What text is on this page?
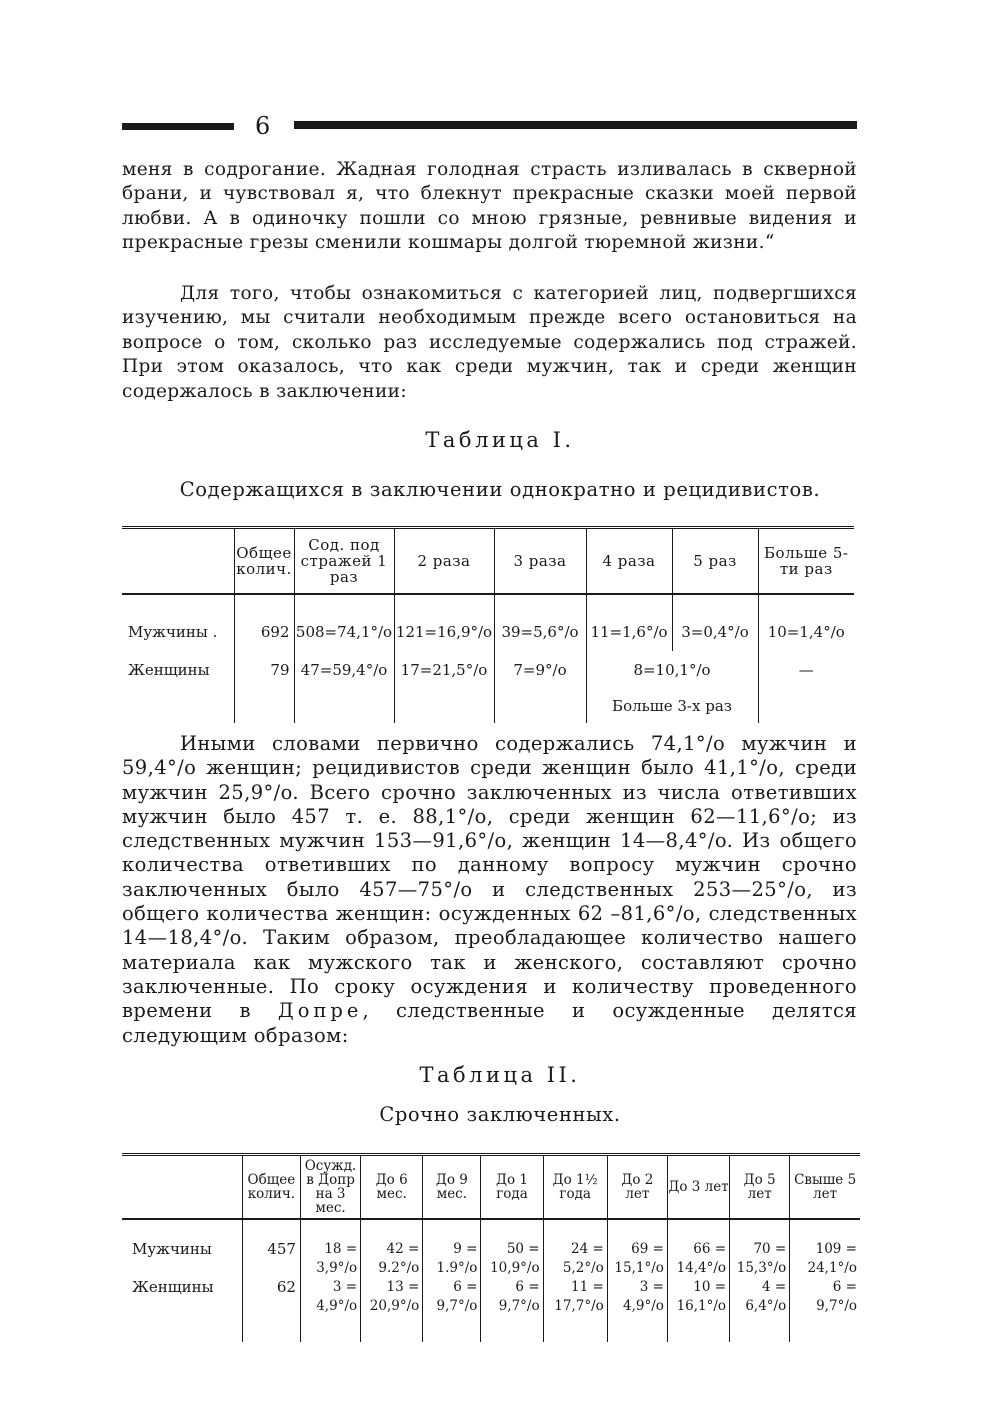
6

меня в содрогание. Жадная голодная страсть изливалась в скверной брани, и чувствовал я, что блекнут прекрасные сказки моей первой любви. А в одиночку пошли со мною грязные, ревнивые видения и прекрасные грезы сменили кошмары долгой тюремной жизни.“

Для того, чтобы ознакомиться с категорией лиц, подвергшихся изучению, мы считали необходимым прежде всего остановиться на вопросе о том, сколько раз исследуемые содержались под стражей. При этом оказалось, что как среди мужчин, так и среди женщин содержалось в заключении:

Таблица I.
Содержащихся в заключении однократно и рецидивистов.
	Общее колич.	Сод. под стражей 1 раз	2 раза	3 раза	4 раза	5 раз	Больше 5-ти раз
Мужчины .	692	508=74,1°/o	121=16,9°/o	39=5,6°/o	11=1,6°/o	3=0,4°/o	10=1,4°/o
Женщины	79	47=59,4°/o	17=21,5°/o	7=9°/o	8=10,1°/o		—
					Больше 3-х раз		

Иными словами первично содержались 74,1°/o мужчин и 59,4°/o женщин; рецидивистов среди женщин было 41,1°/o, среди мужчин 25,9°/o. Всего срочно заключенных из числа ответивших мужчин было 457 т. е. 88,1°/o, среди женщин 62—11,6°/o; из следственных мужчин 153—91,6°/o, женщин 14—8,4°/o. Из общего количества ответивших по данному вопросу мужчин срочно заключенных было 457—75°/o и следственных 253—25°/o, из общего количества женщин: осужденных 62 –81,6°/o, следственных 14—18,4°/o. Таким образом, преобладающее количество нашего материала как мужского так и женского, составляют срочно заключенные. По сроку осуждения и количеству проведенного времени в Допре, следственные и осужденные делятся следующим образом:

Таблица II.
Срочно заключенных.
	Общее колич.	Осужд. в Допр на 3 мес.	До 6 мес.	До 9 мес.	До 1 года	До 1½ года	До 2 лет	До 3 лет	До 5 лет	Свыше 5 лет
Мужчины	457	18 =	42 =	9 =	50 =	24 =	69 =	66 =	70 =	109 =
		3,9°/o	9.2°/o	1.9°/o	10,9°/o	5,2°/o	15,1°/o	14,4°/o	15,3°/o	24,1°/o
Женщины	62	3 =	13 =	6 =	6 =	11 =	3 =	10 =	4 =	6 =
		4,9°/o	20,9°/o	9,7°/o	9,7°/o	17,7°/o	4,9°/o	16,1°/o	6,4°/o	9,7°/o
